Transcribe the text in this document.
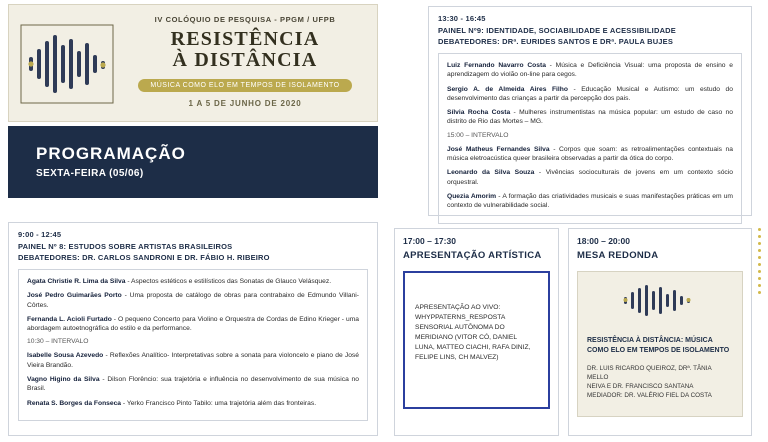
IV COLÓQUIO DE PESQUISA - PPGM / UFPB
RESISTÊNCIA
À DISTÂNCIA
MÚSICA COMO ELO EM TEMPOS DE ISOLAMENTO
1 A 5 DE JUNHO DE 2020
PROGRAMAÇÃO
SEXTA-FEIRA (05/06)
9:00 - 12:45
PAINEL Nº 8: ESTUDOS SOBRE ARTISTAS BRASILEIROS
DEBATEDORES: DR. CARLOS SANDRONI E DR. FÁBIO H. RIBEIRO
Agata Christie R. Lima da Silva - Aspectos estéticos e estilísticos das Sonatas de Glauco Velásquez.
José Pedro Guimarães Porto - Uma proposta de catálogo de obras para contrabaixo de Edmundo Villani-Côrtes.
Fernanda L. Acioli Furtado - O pequeno Concerto para Violino e Orquestra de Cordas de Edino Krieger - uma abordagem autoetnográfica do estilo e da performance.
10:30 – INTERVALO
Isabelle Sousa Azevedo - Reflexões Analítico- Interpretativas sobre a sonata para violoncelo e piano de José Vieira Brandão.
Vagno Higino da Silva - Dilson Florêncio: sua trajetória e influência no desenvolvimento de sua música no Brasil.
Renata S. Borges da Fonseca - Yerko Francisco Pinto Tabilo: uma trajetória além das fronteiras.
13:30 - 16:45
PAINEL Nº9: IDENTIDADE, SOCIABILIDADE E ACESSIBILIDADE
DEBATEDORES: DRª. EURIDES SANTOS E DRª. PAULA BUJES
Luiz Fernando Navarro Costa - Música e Deficiência Visual: uma proposta de ensino e aprendizagem do violão on-line para cegos.
Sergio A. de Almeida Aires Filho - Educação Musical e Autismo: um estudo do desenvolvimento das crianças a partir da percepção dos pais.
Sílvia Rocha Costa - Mulheres instrumentistas na música popular: um estudo de caso no distrito de Rio das Mortes – MG.
15:00 – INTERVALO
José Matheus Fernandes Silva - Corpos que soam: as retroalimentações contextuais na música eletroacústica queer brasileira observadas a partir da ótica do corpo.
Leonardo da Silva Souza - Vivências socioculturais de jovens em um contexto sócio orquestral.
Quezia Amorim - A formação das criatividades musicais e suas manifestações práticas em um contexto de vulnerabilidade social.
17:00 – 17:30
APRESENTAÇÃO ARTÍSTICA
APRESENTAÇÃO AO VIVO: WHYPPATERNS_RESPOSTA SENSORIAL AUTÔNOMA DO MERIDIANO (VITOR CÓ, DANIEL LUNA, MATTEO CIACHI, RAFA DINIZ, FELIPE LINS, CH MALVEZ)
18:00 – 20:00
MESA REDONDA
RESISTÊNCIA À DISTÂNCIA: MÚSICA COMO ELO EM TEMPOS DE ISOLAMENTO
DR. LUIS RICARDO QUEIROZ, DRª. TÂNIA MELLO
NEIVA E DR. FRANCISCO SANTANA
MEDIADOR: DR. VALÉRIO FIEL DA COSTA
